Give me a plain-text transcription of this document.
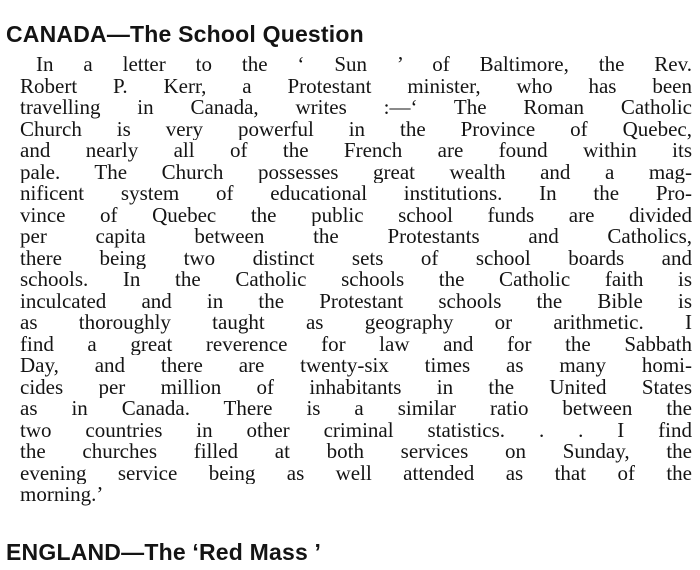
CANADA—The School Question
In a letter to the ‘ Sun ’ of Baltimore, the Rev.
Robert P. Kerr, a Protestant minister, who has been
travelling in Canada, writes :—‘ The Roman Catholic
Church is very powerful in the Province of Quebec,
and nearly all of the French are found within its
pale. The Church possesses great wealth and a mag-
nificent system of educational institutions. In the Pro-
vince of Quebec the public school funds are divided
per capita between the Protestants and Catholics,
there being two distinct sets of school boards and
schools. In the Catholic schools the Catholic faith is
inculcated and in the Protestant schools the Bible is
as thoroughly taught as geography or arithmetic. I
find a great reverence for law and for the Sabbath
Day, and there are twenty-six times as many homi-
cides per million of inhabitants in the United States
as in Canada. There is a similar ratio between the
two countries in other criminal statistics. . . I find
the churches filled at both services on Sunday, the
evening service being as well attended as that of the
morning.’
ENGLAND—The ‘Red Mass ’
